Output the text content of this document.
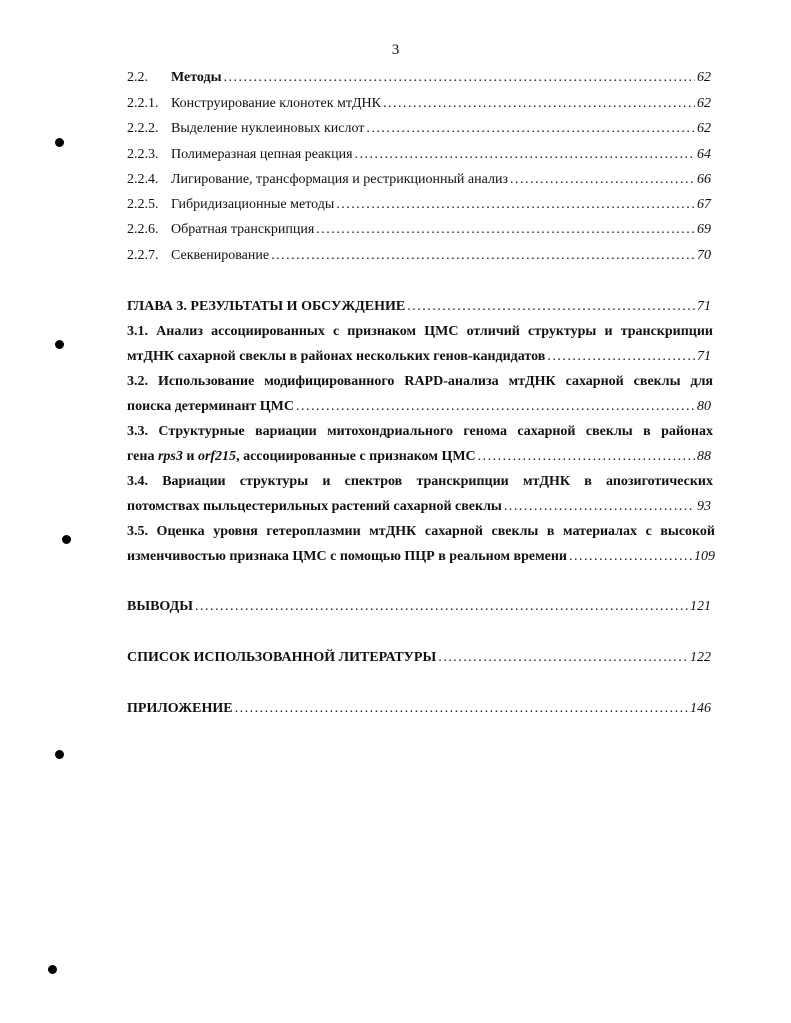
3
2.2.	Методы . . .	62
2.2.1. Конструирование клонотек мтДНК . . .	62
2.2.2. Выделение нуклеиновых кислот . . .	62
2.2.3. Полимеразная цепная реакция . . .	64
2.2.4. Лигирование, трансформация и рестрикционный анализ . . .	66
2.2.5. Гибридизационные методы . . .	67
2.2.6. Обратная транскрипция . . .	69
2.2.7. Секвенирование . . .	70
ГЛАВА 3. РЕЗУЛЬТАТЫ И ОБСУЖДЕНИЕ . . .	71
3.1. Анализ ассоциированных с признаком ЦМС отличий структуры и транскрипции
мтДНК сахарной свеклы в районах нескольких генов-кандидатов . . .	71
3.2. Использование модифицированного RAPD-анализа мтДНК сахарной свеклы для
поиска детерминант ЦМС . . .	80
3.3. Структурные вариации митохондриального генома сахарной свеклы в районах
гена rps3 и orf215, ассоциированные с признаком ЦМС . . .	88
3.4. Вариации структуры и спектров транскрипции мтДНК в апозиготических
потомствах пыльцестерильных растений сахарной свеклы . . .	93
3.5. Оценка уровня гетероплазмии мтДНК сахарной свеклы в материалах с высокой
изменчивостью признака ЦМС с помощью ПЦР в реальном времени . . .	109
ВЫВОДЫ . . .	121
СПИСОК ИСПОЛЬЗОВАННОЙ ЛИТЕРАТУРЫ . . .	122
ПРИЛОЖЕНИЕ . . .	146
